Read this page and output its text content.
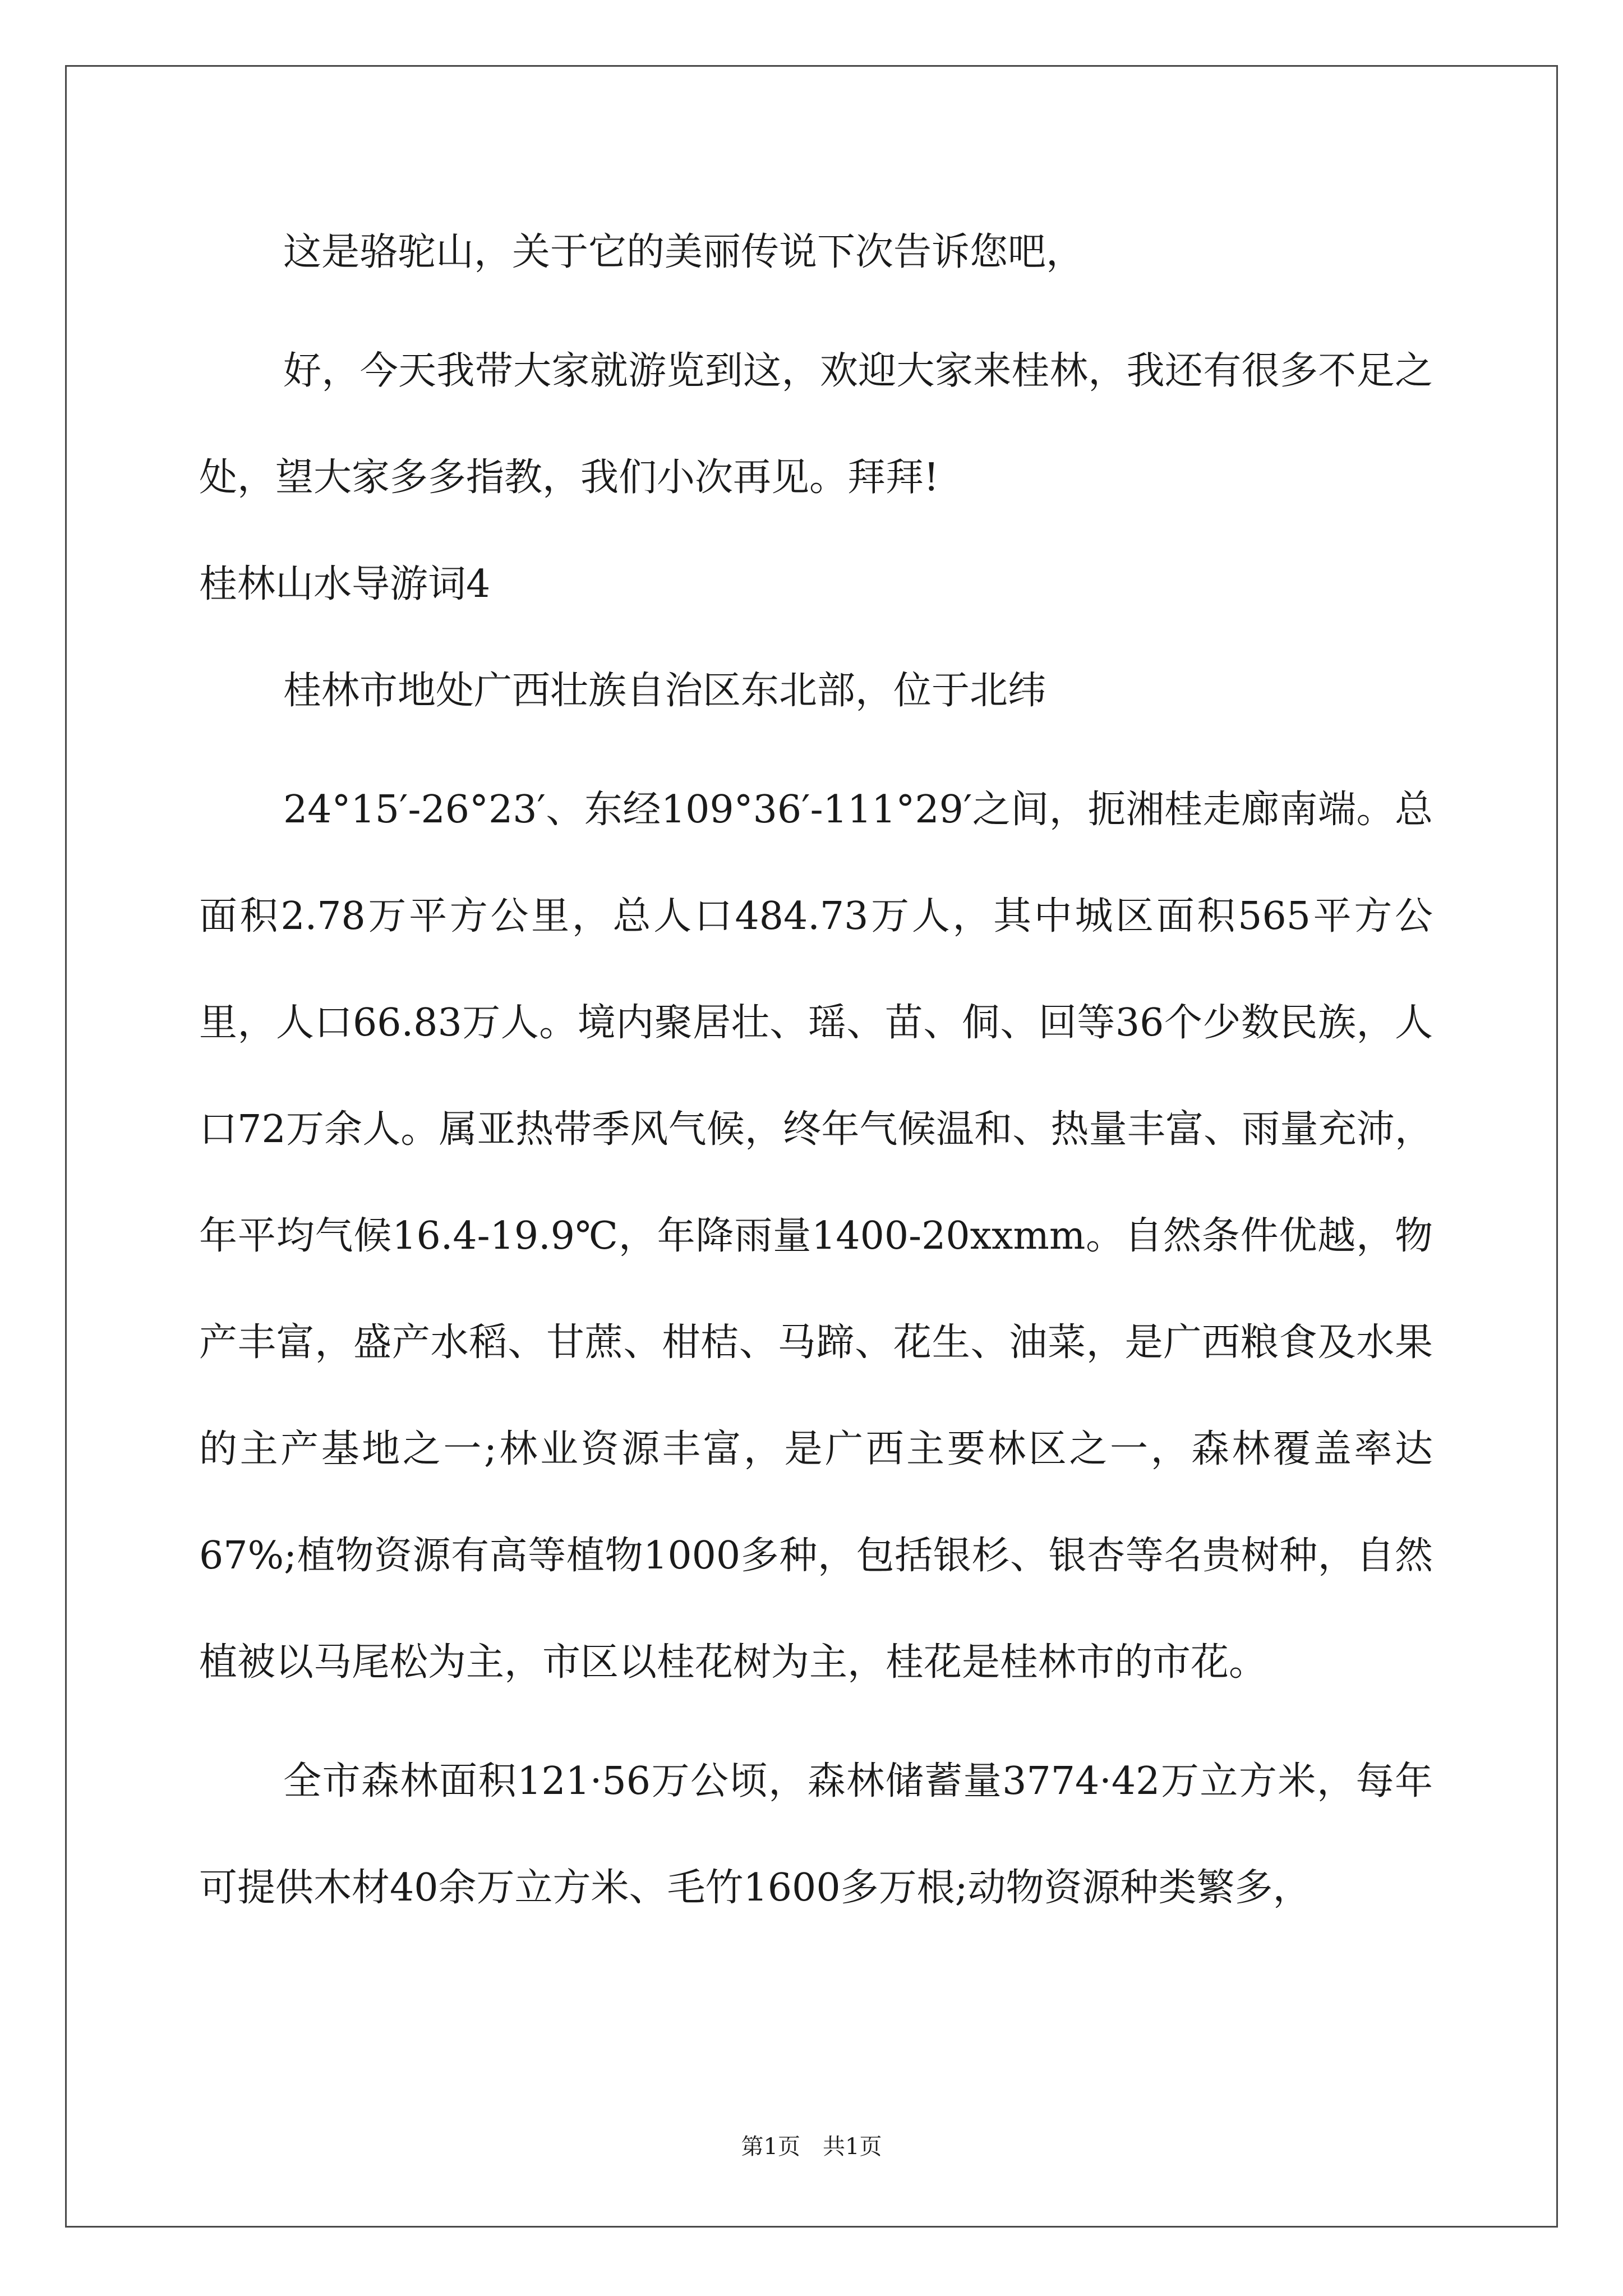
这是骆驼山，关于它的美丽传说下次告诉您吧，

好，今天我带大家就游览到这，欢迎大家来桂林，我还有很多不足之处，望大家多多指教，我们小次再见。拜拜!

桂林山水导游词4

桂林市地处广西壮族自治区东北部，位于北纬

24°15′-26°23′、东经109°36′-111°29′之间，扼湘桂走廊南端。总面积2.78万平方公里，总人口484.73万人，其中城区面积565平方公里，人口66.83万人。境内聚居壮、瑶、苗、侗、回等36个少数民族，人口72万余人。属亚热带季风气候，终年气候温和、热量丰富、雨量充沛，年平均气候16.4-19.9℃，年降雨量1400-20xxmm。自然条件优越，物产丰富，盛产水稻、甘蔗、柑桔、马蹄、花生、油菜，是广西粮食及水果的主产基地之一;林业资源丰富，是广西主要林区之一，森林覆盖率达67%;植物资源有高等植物1000多种，包括银杉、银杏等名贵树种，自然植被以马尾松为主，市区以桂花树为主，桂花是桂林市的市花。

全市森林面积121·56万公顷，森林储蓄量3774·42万立方米，每年可提供木材40余万立方米、毛竹1600多万根;动物资源种类繁多，

第1页　共1页
